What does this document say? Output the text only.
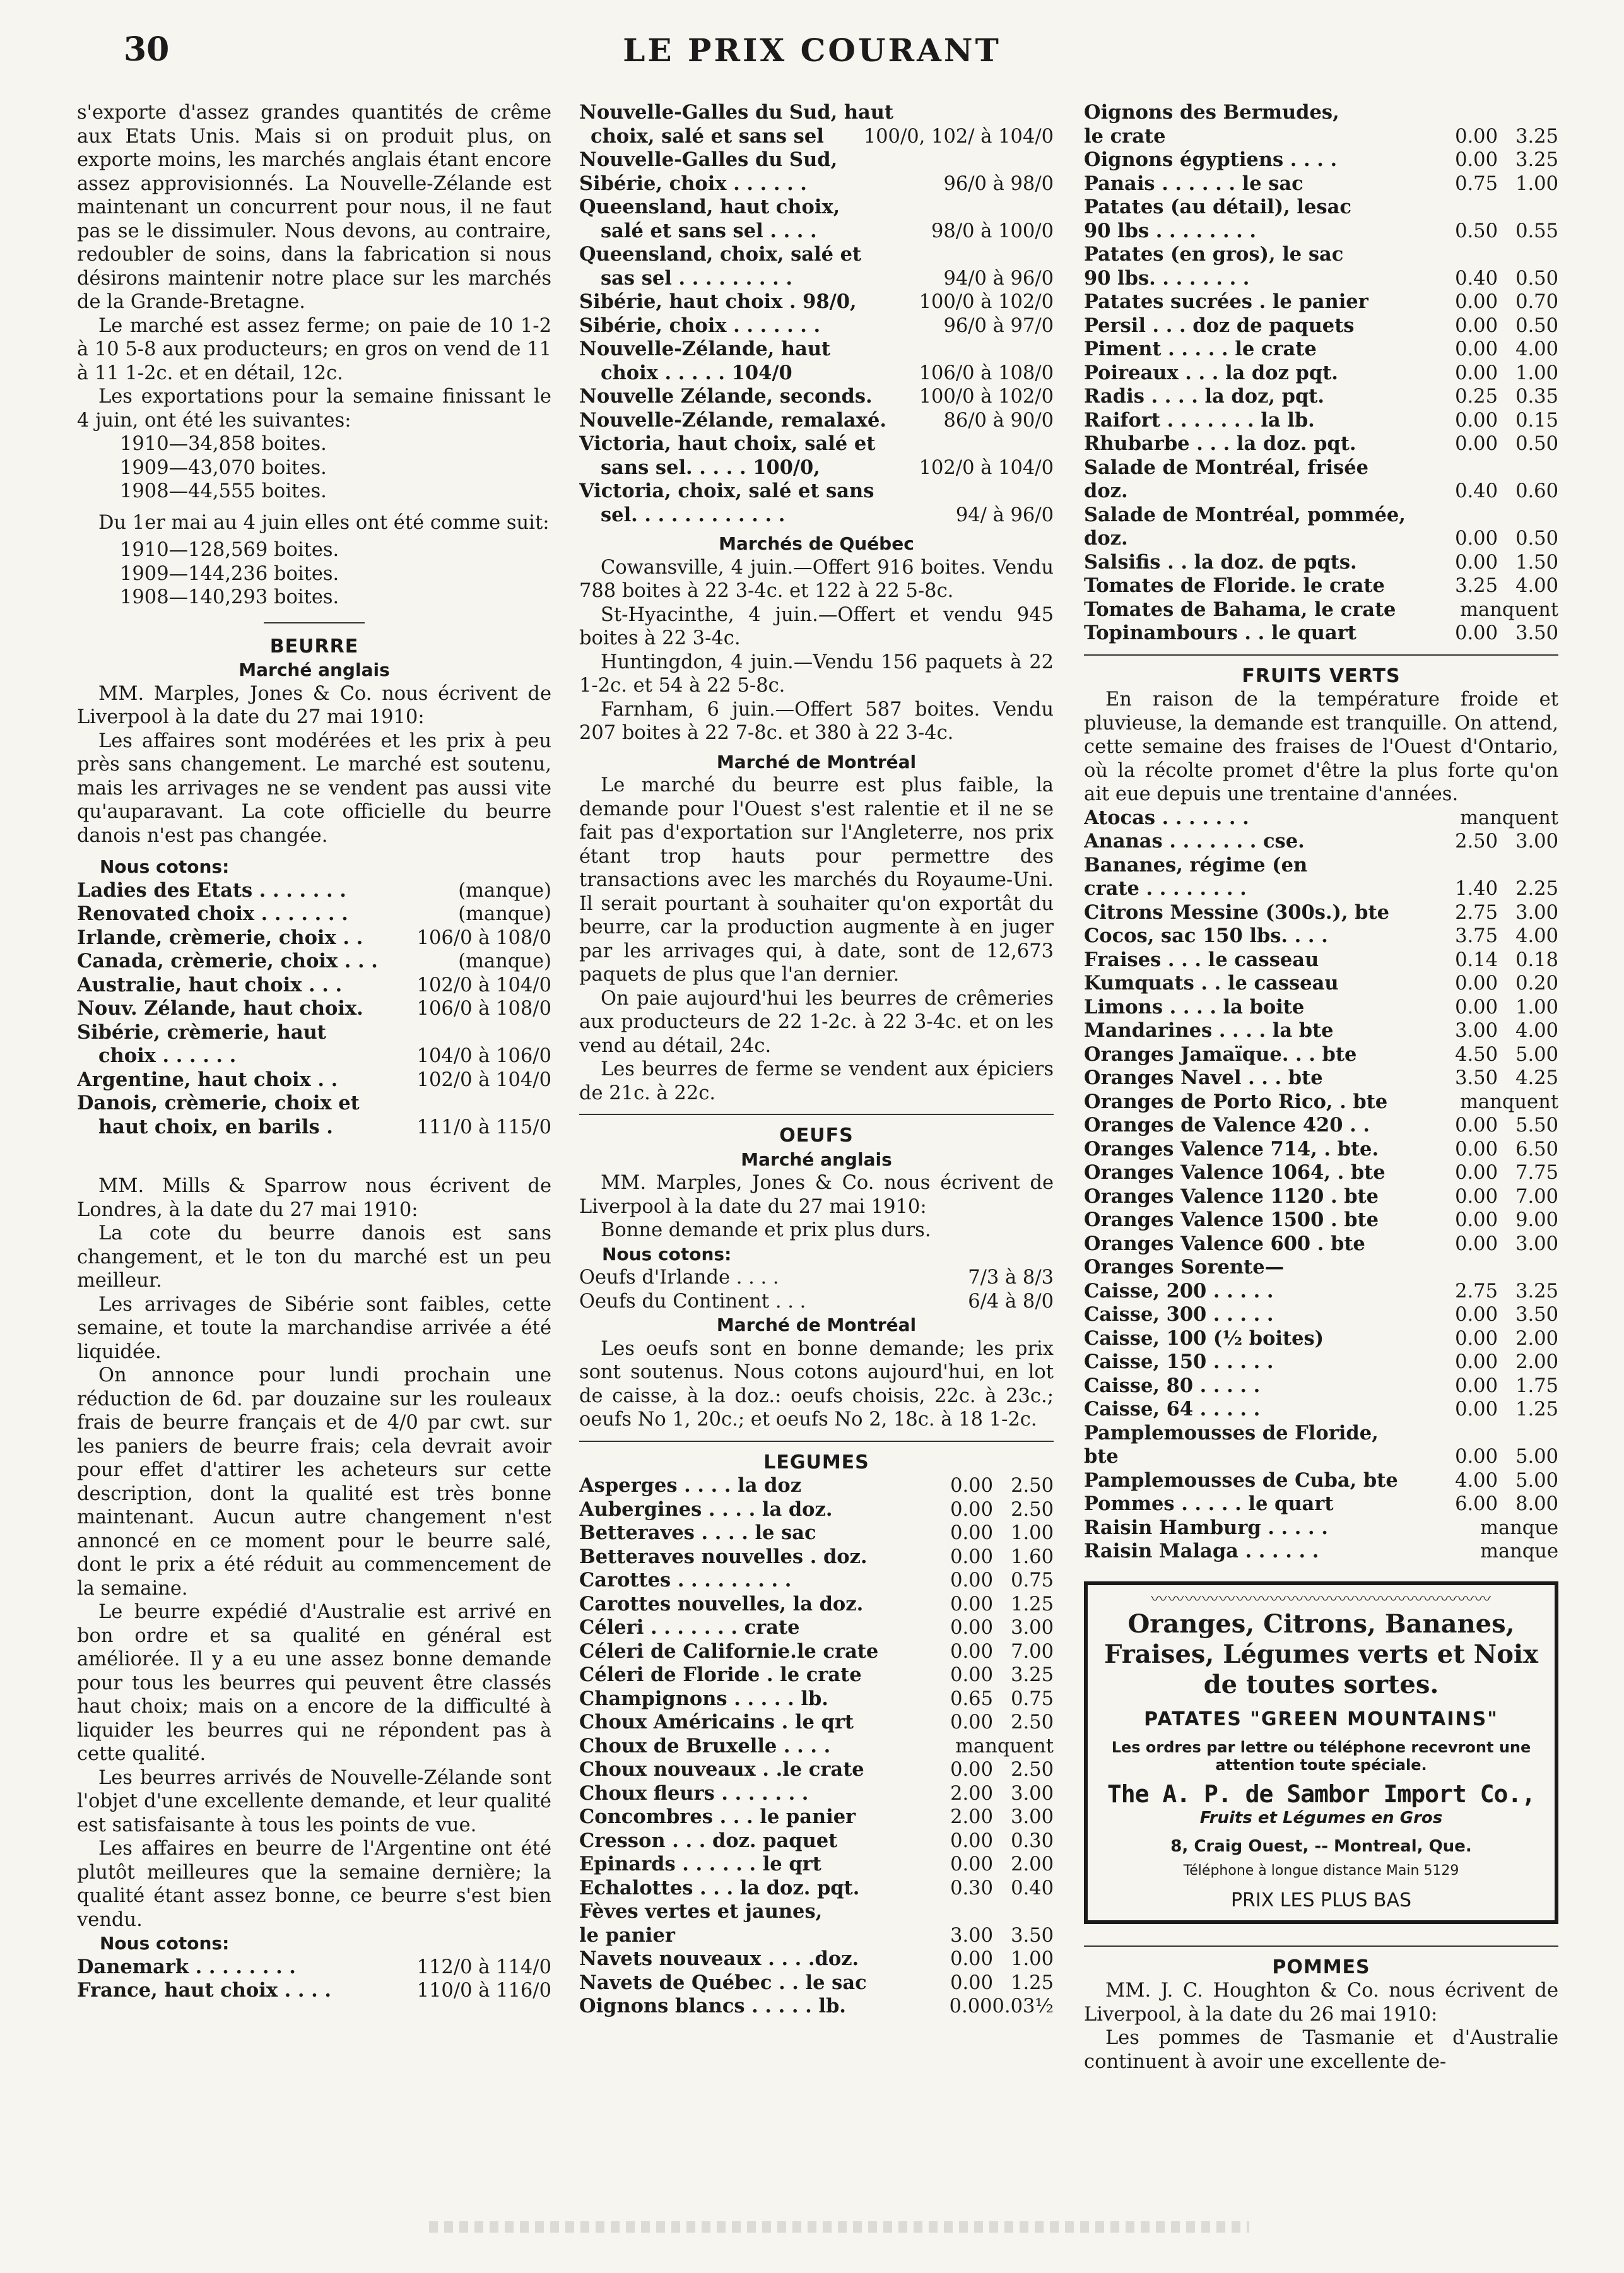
30	LE PRIX COURANT

s'exporte d'assez grandes quantités de crême aux Etats Unis. Mais si on produit plus, on exporte moins, les marchés anglais étant encore assez approvisionnés. La Nouvelle-Zélande est maintenant un concurrent pour nous, il ne faut pas se le dissimuler. Nous devons, au contraire, redoubler de soins, dans la fabrication si nous désirons maintenir notre place sur les marchés de la Grande-Bretagne.

Le marché est assez ferme; on paie de 10 1-2 à 10 5-8 aux producteurs; en gros on vend de 11 à 11 1-2c. et en détail, 12c.

Les exportations pour la semaine finissant le 4 juin, ont été les suivantes:

1910—34,858 boites.

1909—43,070 boites.

1908—44,555 boites.

Du 1er mai au 4 juin elles ont été comme suit:

1910—128,569 boites.

1909—144,236 boites.

1908—140,293 boites.

BEURRE

Marché anglais

MM. Marples, Jones & Co. nous écrivent de Liverpool à la date du 27 mai 1910:

Les affaires sont modérées et les prix à peu près sans changement. Le marché est soutenu, mais les arrivages ne se vendent pas aussi vite qu'auparavant. La cote officielle du beurre danois n'est pas changée.

Nous cotons:

Ladies des Etats . . . . . . .	(manque)
Renovated choix . . . . . . .	(manque)
Irlande, crèmerie, choix . .	106/0 à 108/0
Canada, crèmerie, choix . . .	(manque)
Australie, haut choix . . .	102/0 à 104/0
Nouv. Zélande, haut choix.	106/0 à 108/0
Sibérie, crèmerie, haut
choix . . . . . .	104/0 à 106/0
Argentine, haut choix . .	102/0 à 104/0
Danois, crèmerie, choix et
haut choix, en barils .	111/0 à 115/0

MM. Mills & Sparrow nous écrivent de Londres, à la date du 27 mai 1910:

La cote du beurre danois est sans changement, et le ton du marché est un peu meilleur.

Les arrivages de Sibérie sont faibles, cette semaine, et toute la marchandise arrivée a été liquidée.

On annonce pour lundi prochain une réduction de 6d. par douzaine sur les rouleaux frais de beurre français et de 4/0 par cwt. sur les paniers de beurre frais; cela devrait avoir pour effet d'attirer les acheteurs sur cette description, dont la qualité est très bonne maintenant. Aucun autre changement n'est annoncé en ce moment pour le beurre salé, dont le prix a été réduit au commencement de la semaine.

Le beurre expédié d'Australie est arrivé en bon ordre et sa qualité en général est améliorée. Il y a eu une assez bonne demande pour tous les beurres qui peuvent être classés haut choix; mais on a encore de la difficulté à liquider les beurres qui ne répondent pas à cette qualité.

Les beurres arrivés de Nouvelle-Zélande sont l'objet d'une excellente demande, et leur qualité est satisfaisante à tous les points de vue.

Les affaires en beurre de l'Argentine ont été plutôt meilleures que la semaine dernière; la qualité étant assez bonne, ce beurre s'est bien vendu.

Nous cotons:

Danemark . . . . . . . .	112/0 à 114/0
France, haut choix . . . .	110/0 à 116/0
Nouvelle-Galles du Sud, haut
choix, salé et sans sel	100/0, 102/ à 104/0
Nouvelle-Galles du Sud,
Sibérie, choix . . . . . .	96/0 à 98/0
Queensland, haut choix,
salé et sans sel . . . .	98/0 à 100/0
Queensland, choix, salé et
sas sel . . . . . . . . .	94/0 à 96/0
Sibérie, haut choix . 98/0,	100/0 à 102/0
Sibérie, choix . . . . . . .	96/0 à 97/0
Nouvelle-Zélande, haut
choix . . . . . 104/0	106/0 à 108/0
Nouvelle Zélande, seconds.	100/0 à 102/0
Nouvelle-Zélande, remalaxé.	86/0 à 90/0
Victoria, haut choix, salé et
sans sel. . . . . 100/0,	102/0 à 104/0
Victoria, choix, salé et sans
sel. . . . . . . . . . . .	94/ à 96/0

Marchés de Québec

Cowansville, 4 juin.—Offert 916 boites. Vendu 788 boites à 22 3-4c. et 122 à 22 5-8c.

St-Hyacinthe, 4 juin.—Offert et vendu 945 boites à 22 3-4c.

Huntingdon, 4 juin.—Vendu 156 paquets à 22 1-2c. et 54 à 22 5-8c.

Farnham, 6 juin.—Offert 587 boites. Vendu 207 boites à 22 7-8c. et 380 à 22 3-4c.

Marché de Montréal

Le marché du beurre est plus faible, la demande pour l'Ouest s'est ralentie et il ne se fait pas d'exportation sur l'Angleterre, nos prix étant trop hauts pour permettre des transactions avec les marchés du Royaume-Uni. Il serait pourtant à souhaiter qu'on exportât du beurre, car la production augmente à en juger par les arrivages qui, à date, sont de 12,673 paquets de plus que l'an dernier.

On paie aujourd'hui les beurres de crêmeries aux producteurs de 22 1-2c. à 22 3-4c. et on les vend au détail, 24c.

Les beurres de ferme se vendent aux épiciers de 21c. à 22c.

OEUFS

Marché anglais

MM. Marples, Jones & Co. nous écrivent de Liverpool à la date du 27 mai 1910:

Bonne demande et prix plus durs.

Nous cotons:

Oeufs d'Irlande . . . .	7/3 à 8/3
Oeufs du Continent . . .	6/4 à 8/0

Marché de Montréal

Les oeufs sont en bonne demande; les prix sont soutenus. Nous cotons aujourd'hui, en lot de caisse, à la doz.: oeufs choisis, 22c. à 23c.; oeufs No 1, 20c.; et oeufs No 2, 18c. à 18 1-2c.

LEGUMES

Asperges . . . . la doz	0.00 2.50
Aubergines . . . . la doz.	0.00 2.50
Betteraves . . . . le sac	0.00 1.00
Betteraves nouvelles . doz.	0.00 1.60
Carottes . . . . . . . . .	0.00 0.75
Carottes nouvelles, la doz.	0.00 1.25
Céleri . . . . . . . crate	0.00 3.00
Céleri de Californie.le crate	0.00 7.00
Céleri de Floride . le crate	0.00 3.25
Champignons . . . . . lb.	0.65 0.75
Choux Américains . le qrt	0.00 2.50
Choux de Bruxelle . . . .	manquent
Choux nouveaux . .le crate	0.00 2.50
Choux fleurs . . . . . . .	2.00 3.00
Concombres . . . le panier	2.00 3.00
Cresson . . . doz. paquet	0.00 0.30
Epinards . . . . . . le qrt	0.00 2.00
Echalottes . . . la doz. pqt.	0.30 0.40
Fèves vertes et jaunes,
le panier	3.00 3.50
Navets nouveaux . . . .doz.	0.00 1.00
Navets de Québec . . le sac	0.00 1.25
Oignons blancs . . . . . lb.	0.00 0.03½
Oignons des Bermudes,
le crate	0.00 3.25
Oignons égyptiens . . . .	0.00 3.25
Panais . . . . . . le sac	0.75 1.00
Patates (au détail), lesac
90 lbs . . . . . . . .	0.50 0.55
Patates (en gros), le sac
90 lbs. . . . . . . .	0.40 0.50
Patates sucrées . le panier	0.00 0.70
Persil . . . doz de paquets	0.00 0.50
Piment . . . . . le crate	0.00 4.00
Poireaux . . . la doz pqt.	0.00 1.00
Radis . . . . la doz, pqt.	0.25 0.35
Raifort . . . . . . . la lb.	0.00 0.15
Rhubarbe . . . la doz. pqt.	0.00 0.50
Salade de Montréal, frisée
doz.	0.40 0.60
Salade de Montréal, pommée,
doz.	0.00 0.50
Salsifis . . la doz. de pqts.	0.00 1.50
Tomates de Floride. le crate	3.25 4.00
Tomates de Bahama, le crate	manquent
Topinambours . . le quart	0.00 3.50

FRUITS VERTS

En raison de la température froide et pluvieuse, la demande est tranquille. On attend, cette semaine des fraises de l'Ouest d'Ontario, où la récolte promet d'être la plus forte qu'on ait eue depuis une trentaine d'années.

Atocas . . . . . . .	manquent
Ananas . . . . . . . cse.	2.50 3.00
Bananes, régime (en
crate . . . . . . . .	1.40 2.25
Citrons Messine (300s.), bte	2.75 3.00
Cocos, sac 150 lbs. . . .	3.75 4.00
Fraises . . . le casseau	0.14 0.18
Kumquats . . le casseau	0.00 0.20
Limons . . . . la boite	0.00 1.00
Mandarines . . . . la bte	3.00 4.00
Oranges Jamaïque. . . bte	4.50 5.00
Oranges Navel . . . bte	3.50 4.25
Oranges de Porto Rico, . bte	manquent
Oranges de Valence 420 . .	0.00 5.50
Oranges Valence 714, . bte.	0.00 6.50
Oranges Valence 1064, . bte	0.00 7.75
Oranges Valence 1120 . bte	0.00 7.00
Oranges Valence 1500 . bte	0.00 9.00
Oranges Valence 600 . bte	0.00 3.00
Oranges Sorente—
Caisse, 200 . . . . .	2.75 3.25
Caisse, 300 . . . . .	0.00 3.50
Caisse, 100 (½ boites)	0.00 2.00
Caisse, 150 . . . . .	0.00 2.00
Caisse, 80 . . . . .	0.00 1.75
Caisse, 64 . . . . .	0.00 1.25
Pamplemousses de Floride,
bte	0.00 5.00
Pamplemousses de Cuba, bte	4.00 5.00
Pommes . . . . . le quart	6.00 8.00
Raisin Hamburg . . . . .	manque
Raisin Malaga . . . . . .	manque
〰〰〰〰〰〰〰〰〰〰〰〰〰〰〰〰〰〰〰〰
Oranges, Citrons, Bananes, Fraises, Légumes verts et Noix de toutes sortes.
PATATES "GREEN MOUNTAINS"
Les ordres par lettre ou téléphone recevront une attention toute spéciale.
The A. P. de Sambor Import Co.,
Fruits et Légumes en Gros
8, Craig Ouest, -- Montreal, Que.
Téléphone à longue distance Main 5129
PRIX LES PLUS BAS

POMMES

MM. J. C. Houghton & Co. nous écrivent de Liverpool, à la date du 26 mai 1910:

Les pommes de Tasmanie et d'Australie continuent à avoir une excellente de-
